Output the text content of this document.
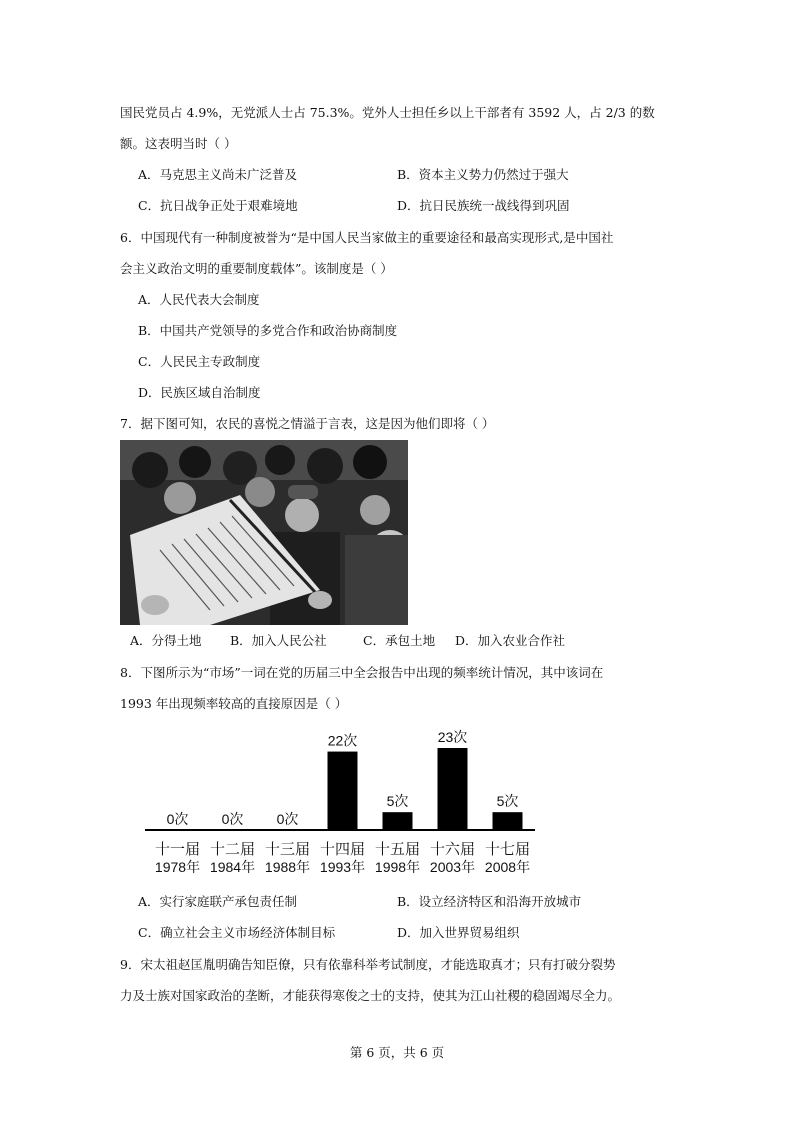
国民党员占 4.9%，无党派人士占 75.3%。党外人士担任乡以上干部者有 3592 人，占 2/3 的数
额。这表明当时（ ）
A．马克思主义尚未广泛普及	B．资本主义势力仍然过于强大
C．抗日战争正处于艰难境地	D．抗日民族统一战线得到巩固
6．中国现代有一种制度被誉为“是中国人民当家做主的重要途径和最高实现形式,是中国社
会主义政治文明的重要制度载体”。该制度是（ ）
A．人民代表大会制度
B．中国共产党领导的多党合作和政治协商制度
C．人民民主专政制度
D．民族区域自治制度
7．据下图可知，农民的喜悦之情溢于言表，这是因为他们即将（ ）
A．分得土地 B．加入人民公社	C．承包土地 D．加入农业合作社
8．下图所示为“市场”一词在党的历届三中全会报告中出现的频率统计情况，其中该词在
1993 年出现频率较高的直接原因是（ ）
0次
十一届
1978年
0次
十二届
1984年
0次
十三届
1988年
22次
十四届
1993年
5次
十五届
1998年
23次
十六届
2003年
5次
十七届
2008年
A．实行家庭联产承包责任制	B．设立经济特区和沿海开放城市
C．确立社会主义市场经济体制目标	D．加入世界贸易组织
9．宋太祖赵匡胤明确告知臣僚，只有依靠科举考试制度，才能选取真才；只有打破分裂势
力及士族对国家政治的垄断，才能获得寒俊之士的支持，使其为江山社稷的稳固竭尽全力。
第 6 页，共 6 页
